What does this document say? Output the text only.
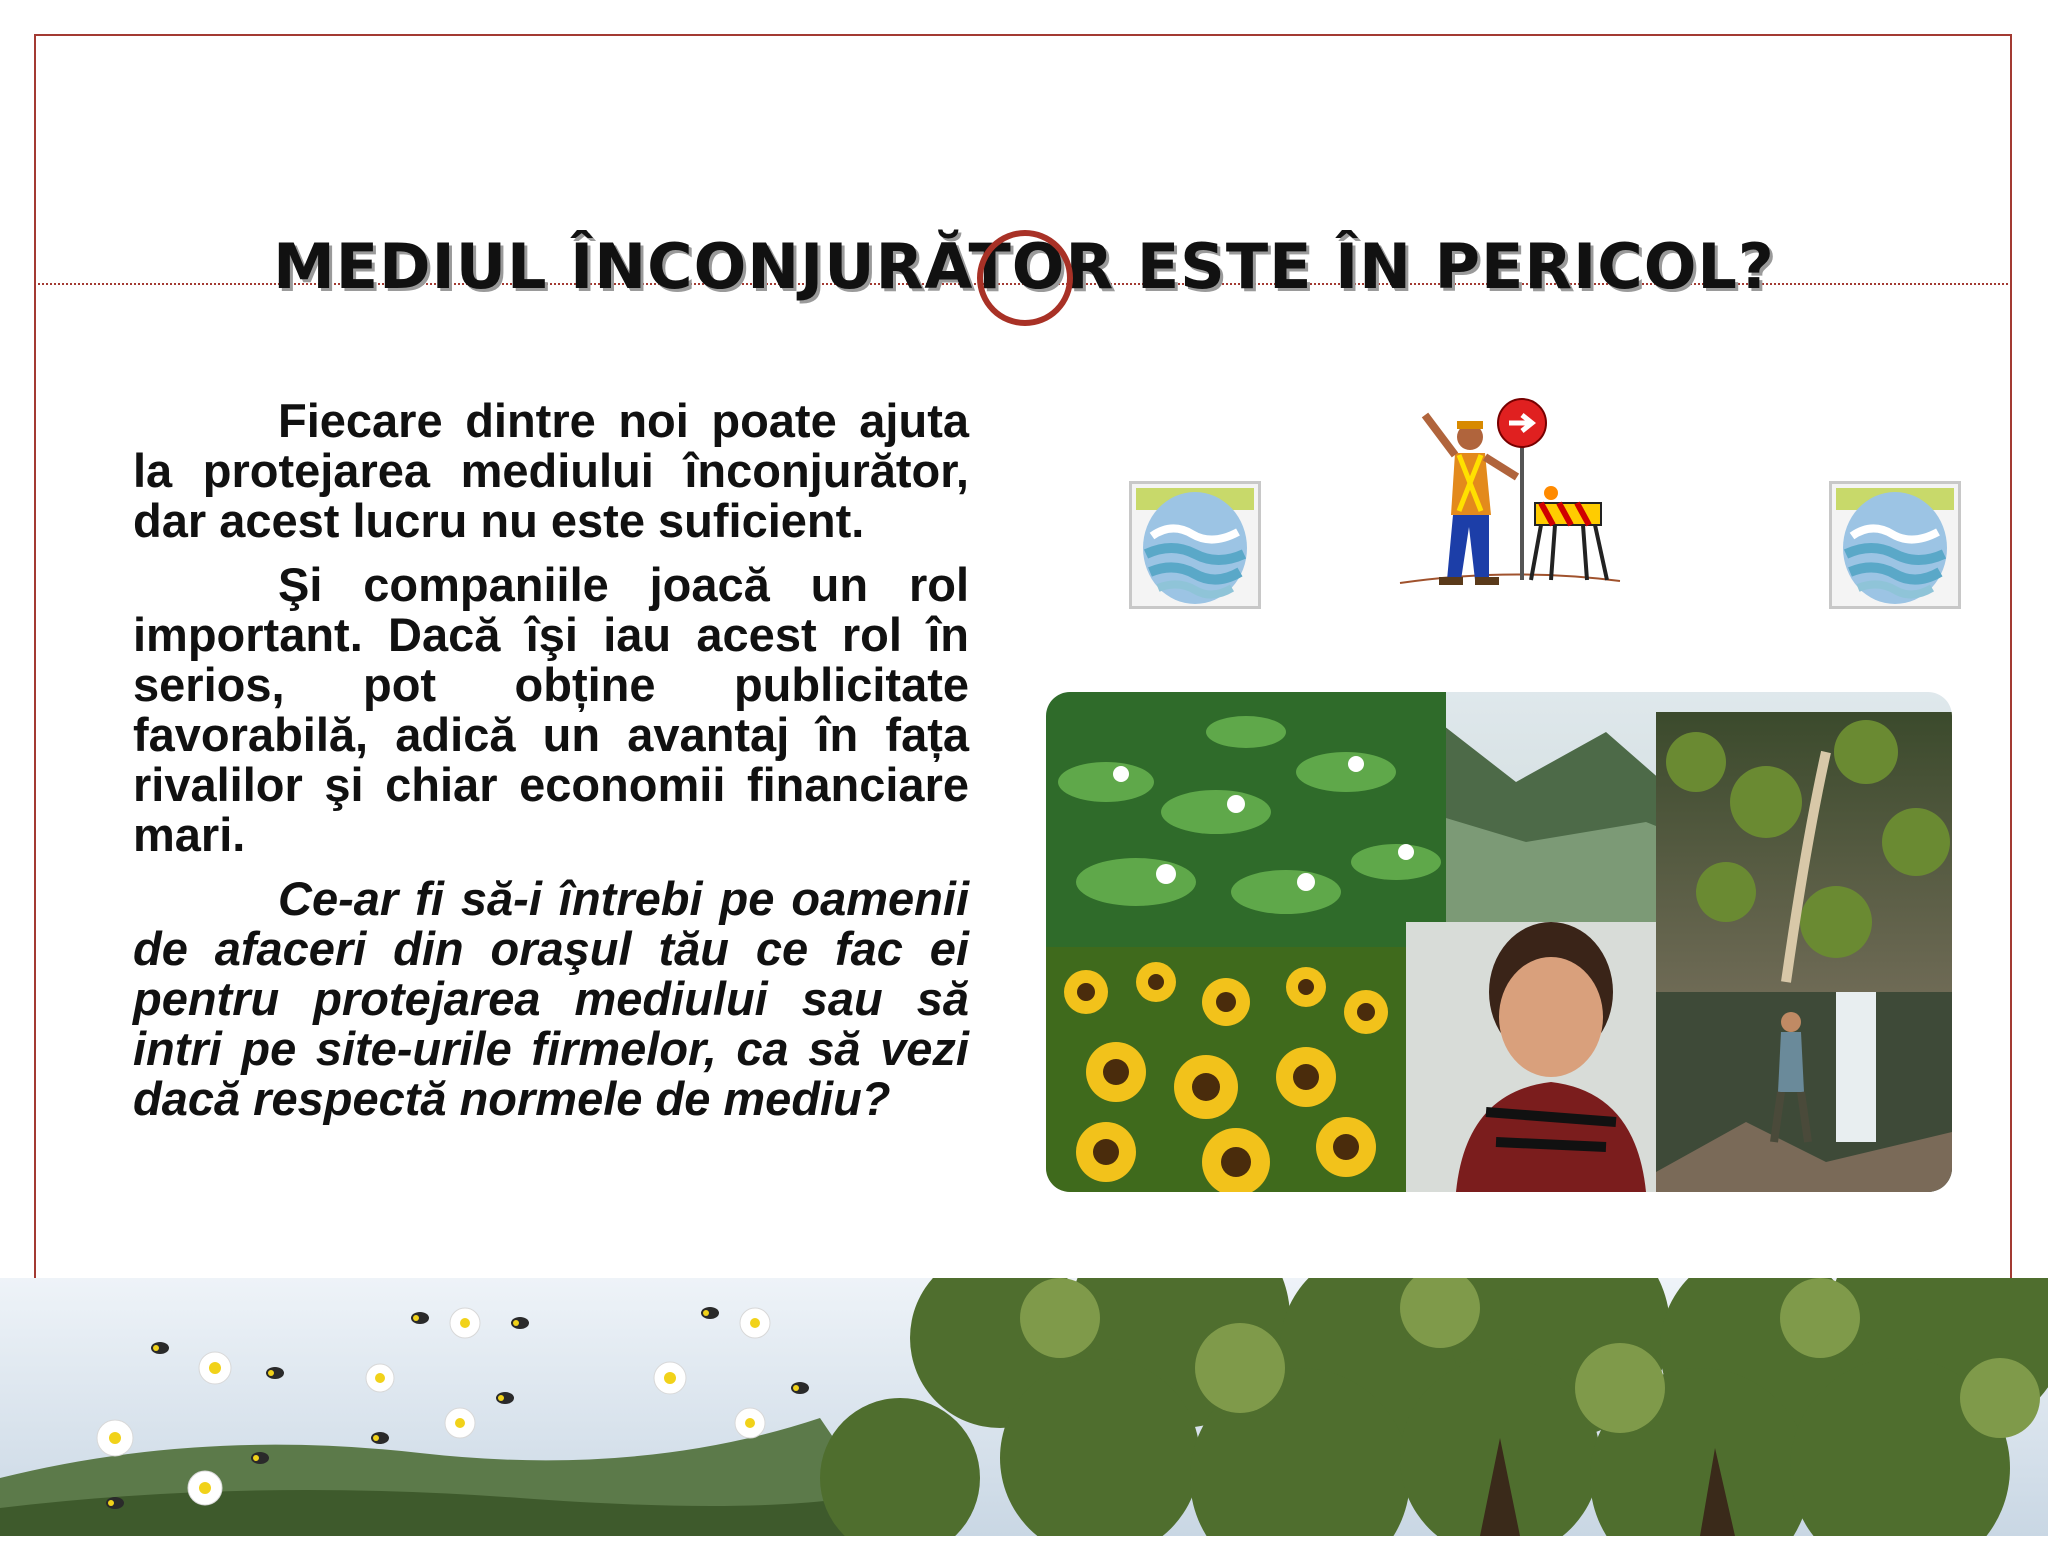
MEDIUL ÎNCONJURĂTOR ESTE ÎN PERICOL?

Fiecare dintre noi poate ajuta la protejarea mediului înconjurător, dar acest lucru nu este suficient.

Şi companiile joacă un rol important. Dacă îşi iau acest rol în serios, pot obține publicitate favorabilă, adică un avantaj în fața rivalilor şi chiar economii financiare mari.

Ce-ar fi să-i întrebi pe oamenii de afaceri din oraşul tău ce fac ei pentru protejarea mediului sau să intri pe site-urile firmelor, ca să vezi dacă respectă normele de mediu?
